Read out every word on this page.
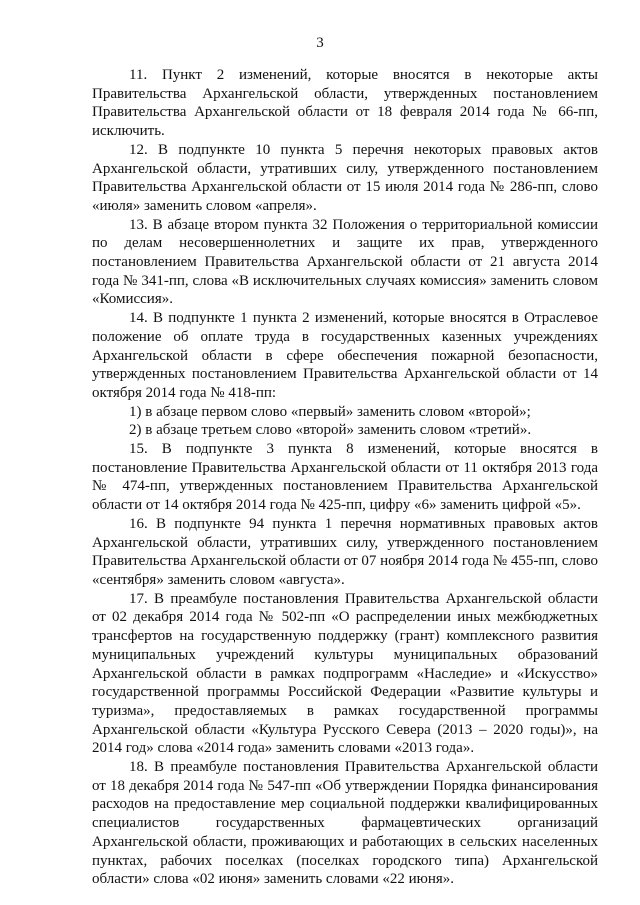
3

11. Пункт 2 изменений, которые вносятся в некоторые акты Правительства Архангельской области, утвержденных постановлением Правительства Архангельской области от 18 февраля 2014 года № 66-пп, исключить.

12. В подпункте 10 пункта 5 перечня некоторых правовых актов Архангельской области, утративших силу, утвержденного постановлением Правительства Архангельской области от 15 июля 2014 года № 286-пп, слово «июля» заменить словом «апреля».

13. В абзаце втором пункта 32 Положения о территориальной комиссии по делам несовершеннолетних и защите их прав, утвержденного постановлением Правительства Архангельской области от 21 августа 2014 года № 341-пп, слова «В исключительных случаях комиссия» заменить словом «Комиссия».

14. В подпункте 1 пункта 2 изменений, которые вносятся в Отраслевое положение об оплате труда в государственных казенных учреждениях Архангельской области в сфере обеспечения пожарной безопасности, утвержденных постановлением Правительства Архангельской области от 14 октября 2014 года № 418-пп:

1) в абзаце первом слово «первый» заменить словом «второй»;

2) в абзаце третьем слово «второй» заменить словом «третий».

15. В подпункте 3 пункта 8 изменений, которые вносятся в постановление Правительства Архангельской области от 11 октября 2013 года № 474-пп, утвержденных постановлением Правительства Архангельской области от 14 октября 2014 года № 425-пп, цифру «6» заменить цифрой «5».

16. В подпункте 94 пункта 1 перечня нормативных правовых актов Архангельской области, утративших силу, утвержденного постановлением Правительства Архангельской области от 07 ноября 2014 года № 455-пп, слово «сентября» заменить словом «августа».

17. В преамбуле постановления Правительства Архангельской области от 02 декабря 2014 года № 502-пп «О распределении иных межбюджетных трансфертов на государственную поддержку (грант) комплексного развития муниципальных учреждений культуры муниципальных образований Архангельской области в рамках подпрограмм «Наследие» и «Искусство» государственной программы Российской Федерации «Развитие культуры и туризма», предоставляемых в рамках государственной программы Архангельской области «Культура Русского Севера (2013 – 2020 годы)», на 2014 год» слова «2014 года» заменить словами «2013 года».

18. В преамбуле постановления Правительства Архангельской области от 18 декабря 2014 года № 547-пп «Об утверждении Порядка финансирования расходов на предоставление мер социальной поддержки квалифицированных специалистов государственных фармацевтических организаций Архангельской области, проживающих и работающих в сельских населенных пунктах, рабочих поселках (поселках городского типа) Архангельской области» слова «02 июня» заменить словами «22 июня».
